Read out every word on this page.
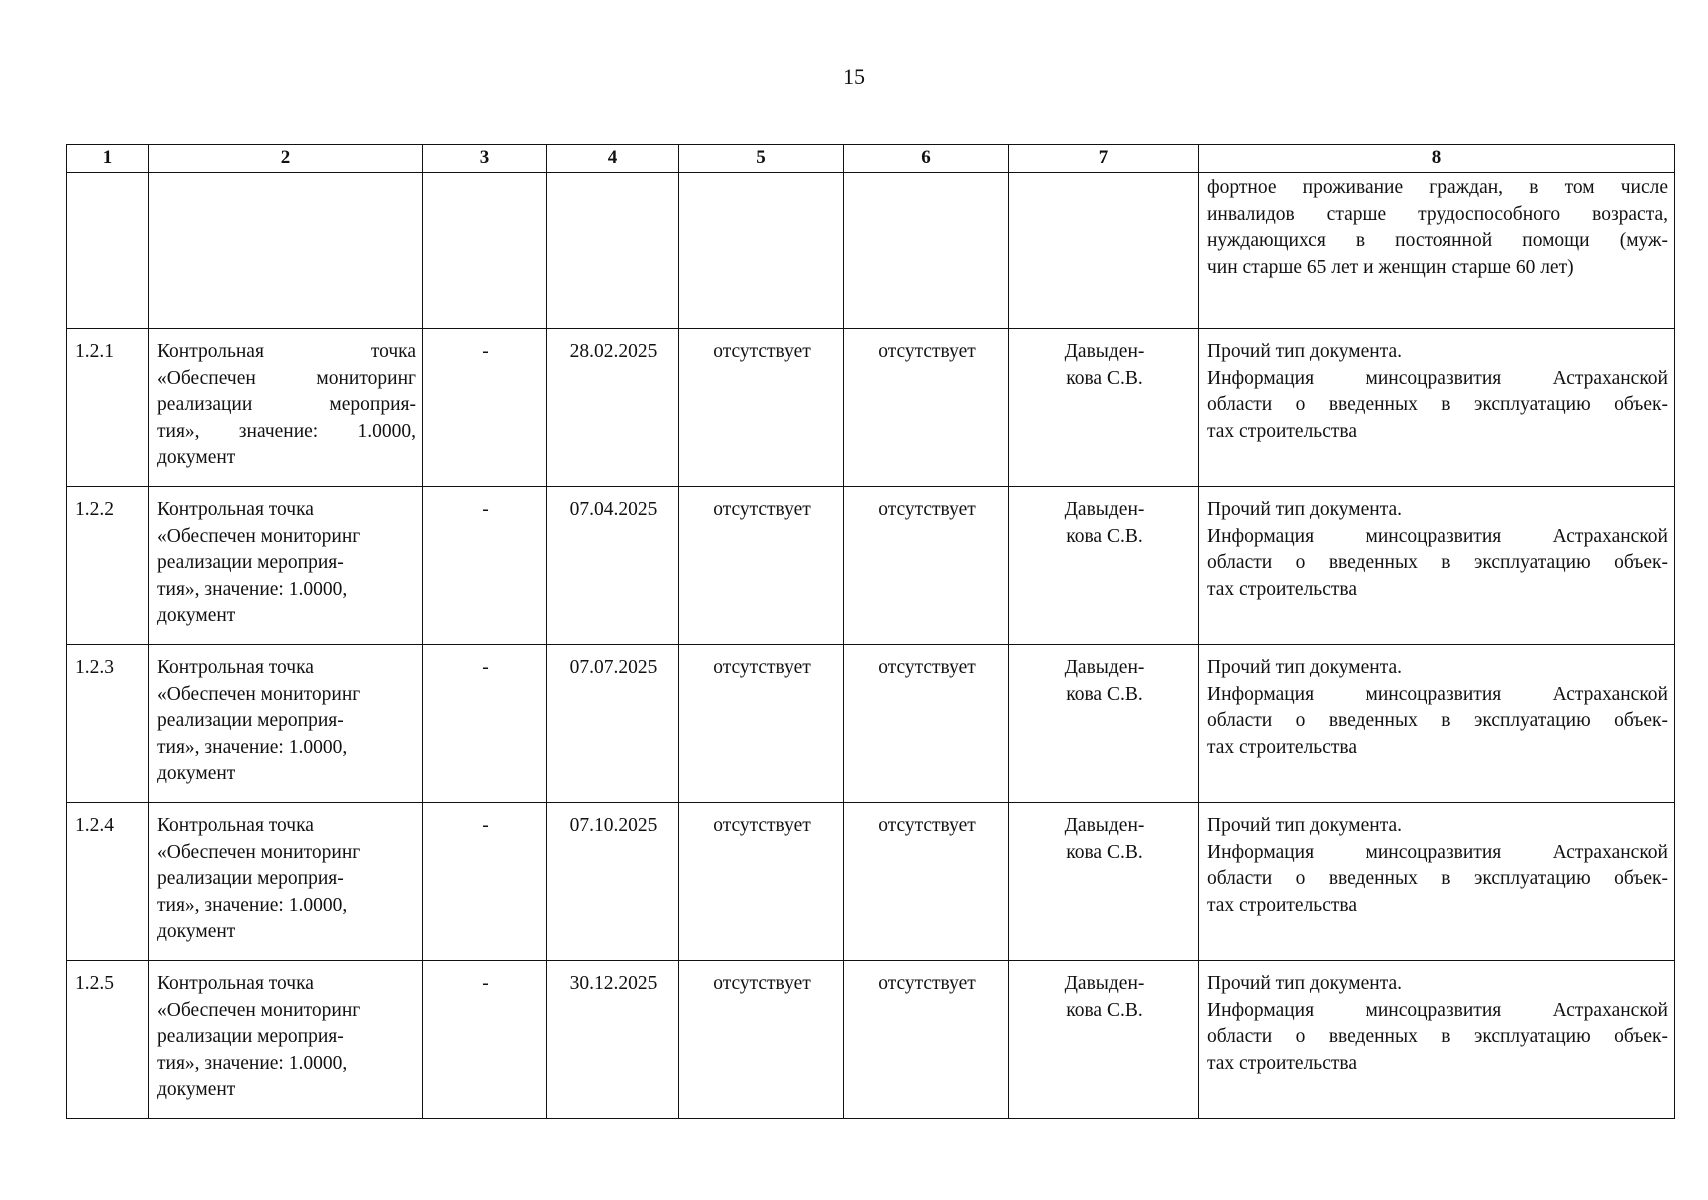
15
1	2	3	4	5	6	7	8

							фортное проживание граждан, в том числе
инвалидов старше трудоспособного возраста,
нуждающихся в постоянной помощи (муж-
чин старше 65 лет и женщин старше 60 лет)

1.2.1	Контрольная точка
«Обеспечен мониторинг
реализации мероприя-
тия», значение: 1.0000,
документ	-	28.02.2025	отсутствует	отсутствует	Давыден-
кова С.В.	Прочий тип документа.
Информация минсоцразвития Астраханской
области о введенных в эксплуатацию объек-
тах строительства

1.2.2	Контрольная точка
«Обеспечен мониторинг
реализации мероприя-
тия», значение: 1.0000,
документ	-	07.04.2025	отсутствует	отсутствует	Давыден-
кова С.В.	Прочий тип документа.
Информация минсоцразвития Астраханской
области о введенных в эксплуатацию объек-
тах строительства

1.2.3	Контрольная точка
«Обеспечен мониторинг
реализации мероприя-
тия», значение: 1.0000,
документ	-	07.07.2025	отсутствует	отсутствует	Давыден-
кова С.В.	Прочий тип документа.
Информация минсоцразвития Астраханской
области о введенных в эксплуатацию объек-
тах строительства

1.2.4	Контрольная точка
«Обеспечен мониторинг
реализации мероприя-
тия», значение: 1.0000,
документ	-	07.10.2025	отсутствует	отсутствует	Давыден-
кова С.В.	Прочий тип документа.
Информация минсоцразвития Астраханской
области о введенных в эксплуатацию объек-
тах строительства

1.2.5	Контрольная точка
«Обеспечен мониторинг
реализации мероприя-
тия», значение: 1.0000,
документ	-	30.12.2025	отсутствует	отсутствует	Давыден-
кова С.В.	Прочий тип документа.
Информация минсоцразвития Астраханской
области о введенных в эксплуатацию объек-
тах строительства
